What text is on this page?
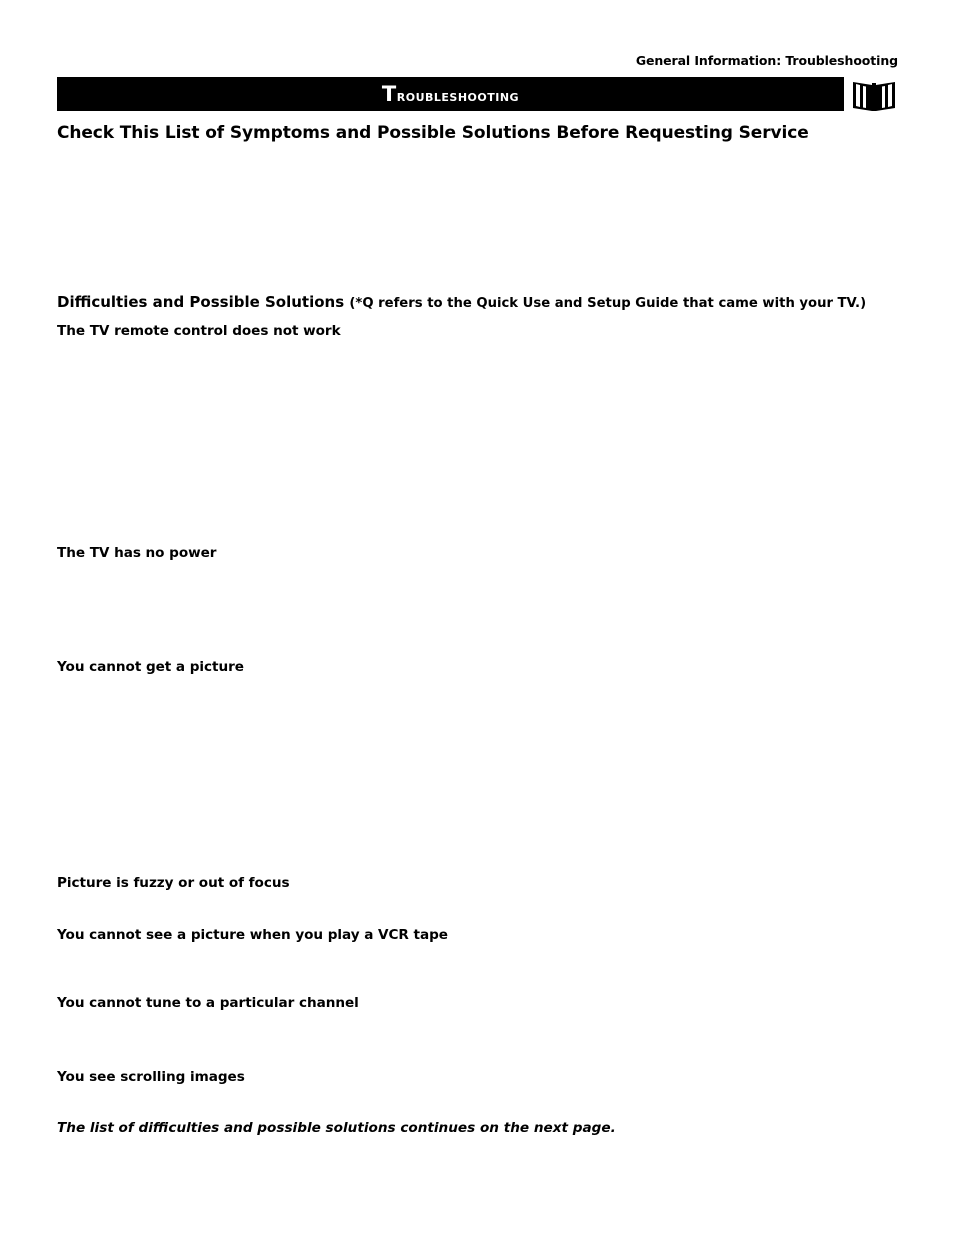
General Information: Troubleshooting
Troubleshooting
Check This List of Symptoms and Possible Solutions Before Requesting Service
Difficulties and Possible Solutions (*Q refers to the Quick Use and Setup Guide that came with your TV.)
The TV remote control does not work
The TV has no power
You cannot get a picture
Picture is fuzzy or out of focus
You cannot see a picture when you play a VCR tape
You cannot tune to a particular channel
You see scrolling images
The list of difficulties and possible solutions continues on the next page.
